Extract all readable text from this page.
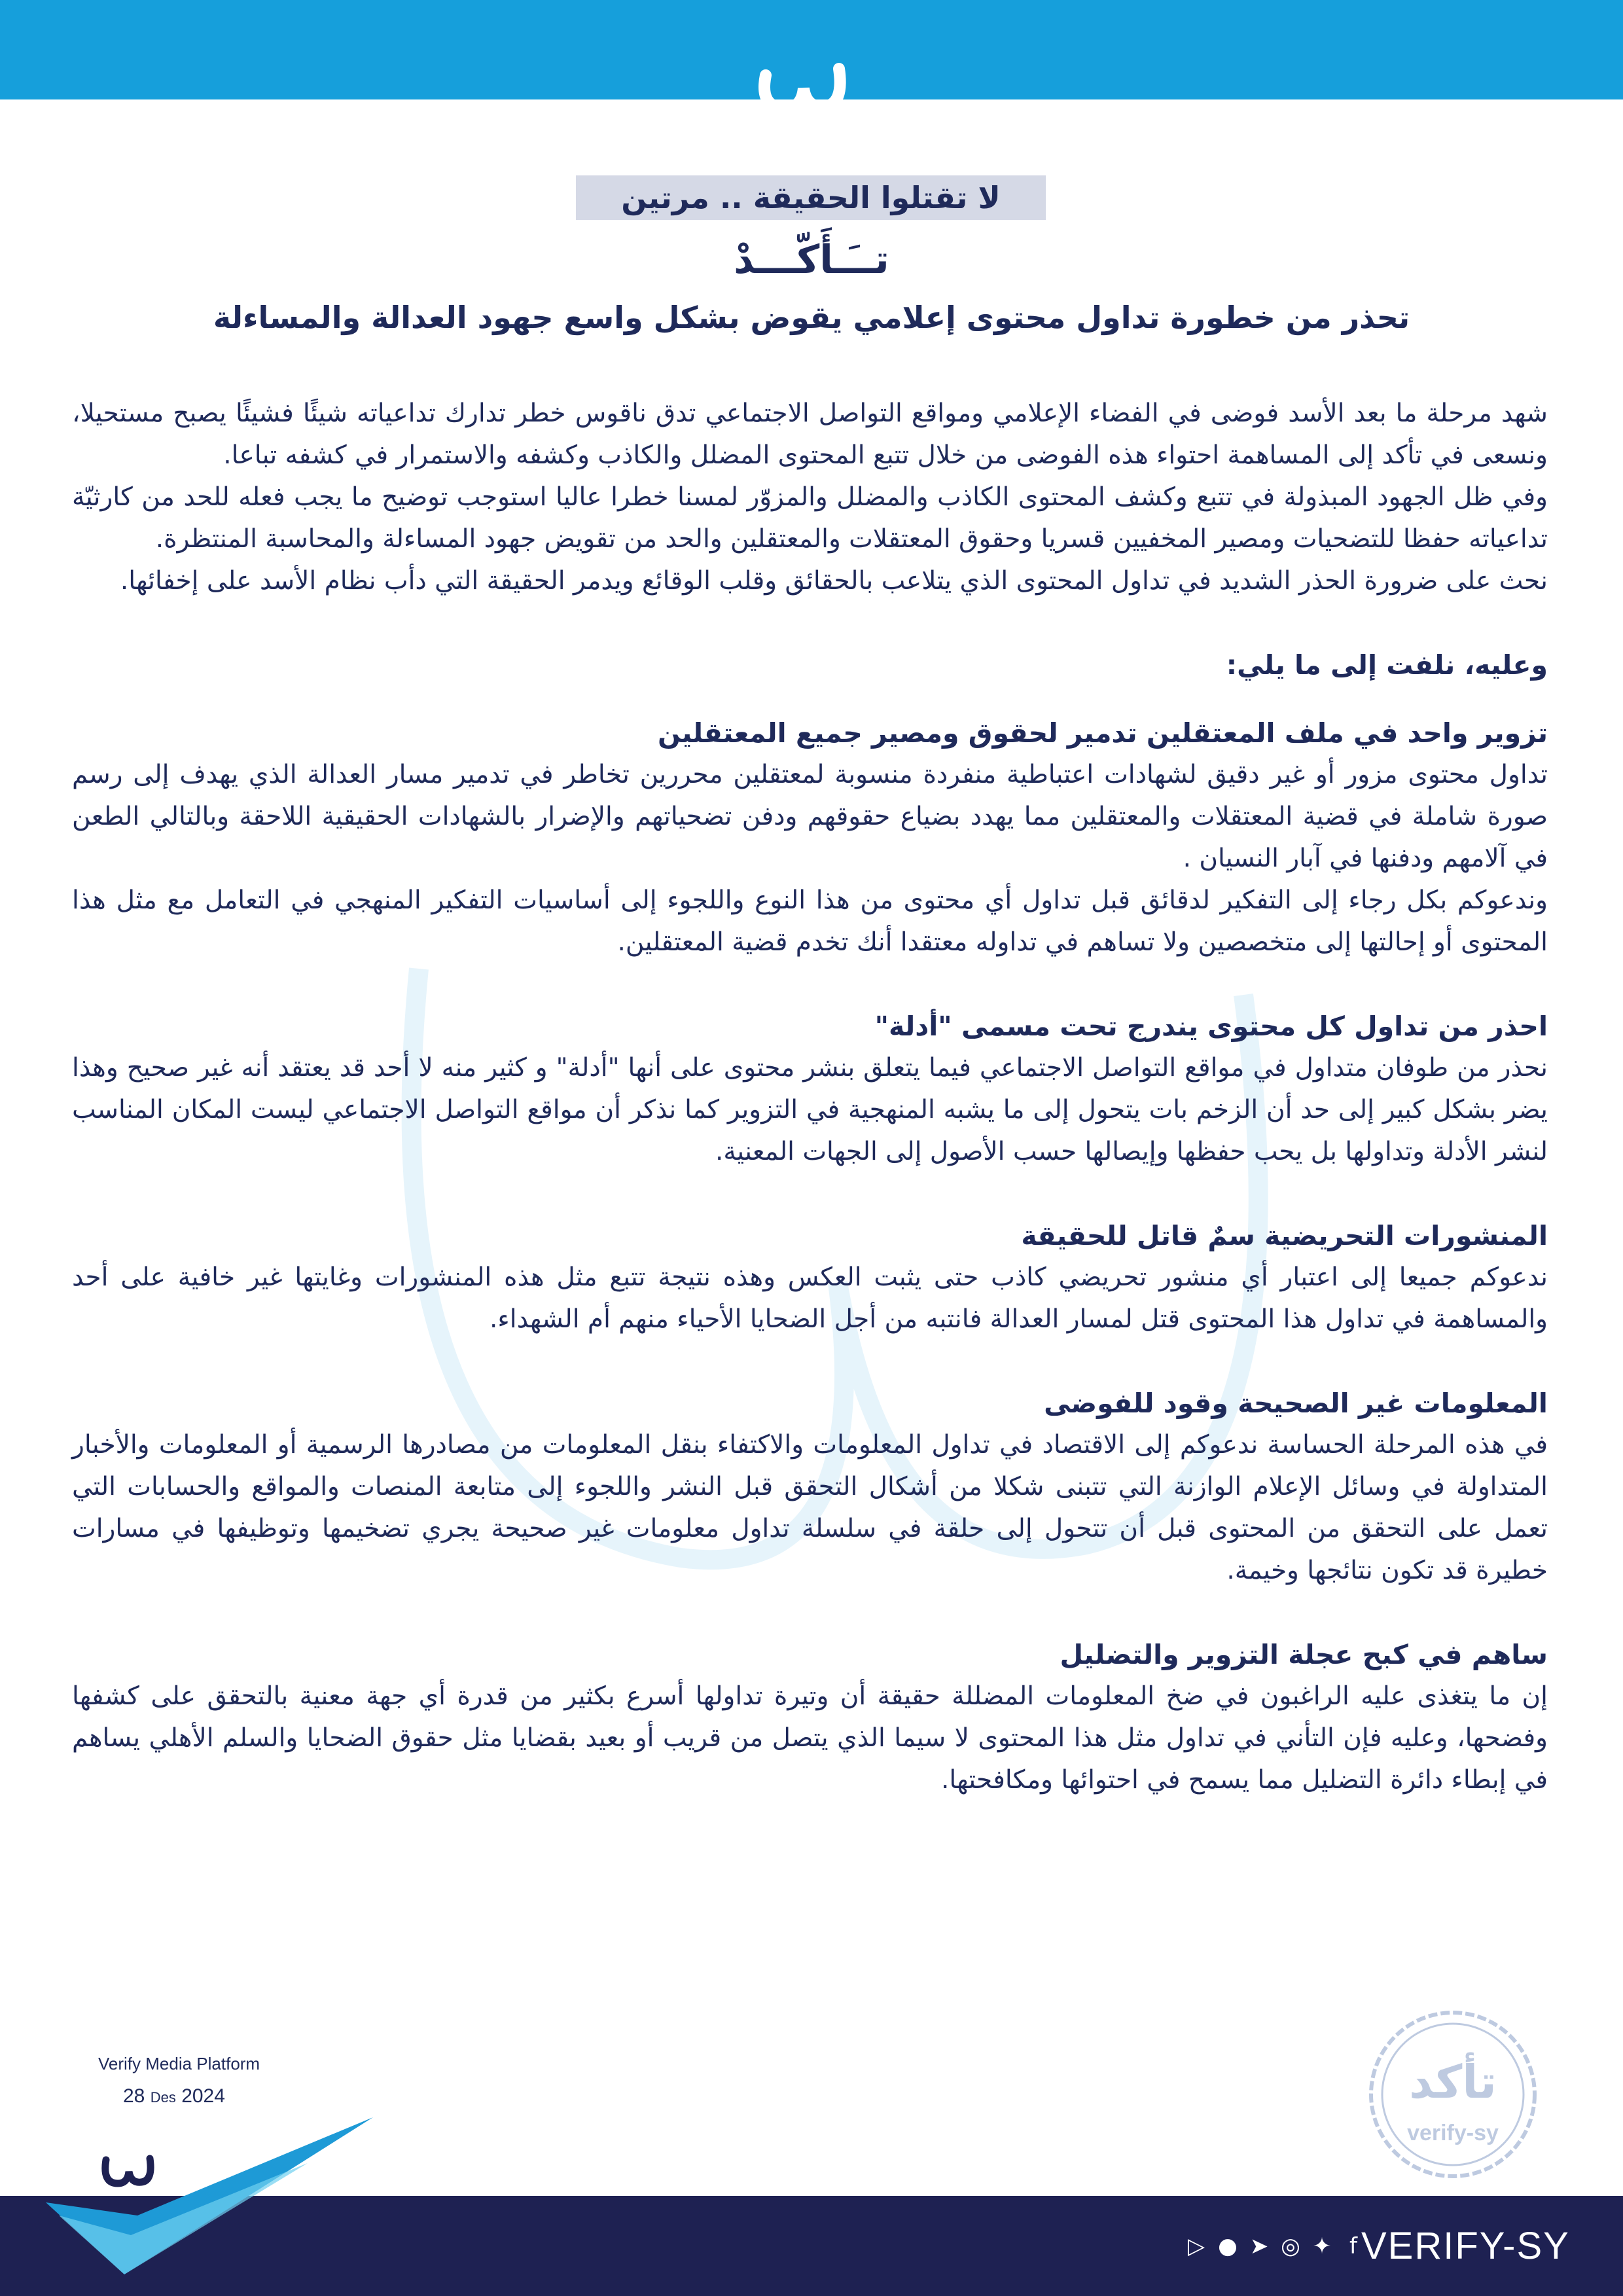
لا تقتلوا الحقيقة .. مرتين
تــَـأَكّـــدْ
تحذر من خطورة تداول محتوى إعلامي يقوض بشكل واسع جهود العدالة والمساءلة

شهد مرحلة ما بعد الأسد فوضى في الفضاء الإعلامي ومواقع التواصل الاجتماعي تدق ناقوس خطر تدارك تداعياته شيئًا فشيئًا يصبح مستحيلا، ونسعى في تأكد إلى المساهمة احتواء هذه الفوضى من خلال تتبع المحتوى المضلل والكاذب وكشفه والاستمرار في كشفه تباعا.

وفي ظل الجهود المبذولة في تتبع وكشف المحتوى الكاذب والمضلل والمزوّر لمسنا خطرا عاليا استوجب توضيح ما يجب فعله للحد من كارثيّة تداعياته حفظا للتضحيات ومصير المخفيين قسريا وحقوق المعتقلات والمعتقلين والحد من تقويض جهود المساءلة والمحاسبة المنتظرة.

نحث على ضرورة الحذر الشديد في تداول المحتوى الذي يتلاعب بالحقائق وقلب الوقائع ويدمر الحقيقة التي دأب نظام الأسد على إخفائها.

وعليه، نلفت إلى ما يلي:
تزوير واحد في ملف المعتقلين تدمير لحقوق ومصير جميع المعتقلين

تداول محتوى مزور أو غير دقيق لشهادات اعتباطية منفردة منسوبة لمعتقلين محررين تخاطر في تدمير مسار العدالة الذي يهدف إلى رسم صورة شاملة في قضية المعتقلات والمعتقلين مما يهدد بضياع حقوقهم ودفن تضحياتهم والإضرار بالشهادات الحقيقية اللاحقة وبالتالي الطعن في آلامهم ودفنها في آبار النسيان .

وندعوكم بكل رجاء إلى التفكير لدقائق قبل تداول أي محتوى من هذا النوع واللجوء إلى أساسيات التفكير المنهجي في التعامل مع مثل هذا المحتوى أو إحالتها إلى متخصصين ولا تساهم في تداوله معتقدا أنك تخدم قضية المعتقلين.

احذر من تداول كل محتوى يندرج تحت مسمى "أدلة"

نحذر من طوفان متداول في مواقع التواصل الاجتماعي فيما يتعلق بنشر محتوى على أنها "أدلة" و كثير منه لا أحد قد يعتقد أنه غير صحيح وهذا يضر بشكل كبير إلى حد أن الزخم بات يتحول إلى ما يشبه المنهجية في التزوير كما نذكر أن مواقع التواصل الاجتماعي ليست المكان المناسب لنشر الأدلة وتداولها بل يحب حفظها وإيصالها حسب الأصول إلى الجهات المعنية.

المنشورات التحريضية سمٌ قاتل للحقيقة

ندعوكم جميعا إلى اعتبار أي منشور تحريضي كاذب حتى يثبت العكس وهذه نتيجة تتبع مثل هذه المنشورات وغايتها غير خافية على أحد والمساهمة في تداول هذا المحتوى قتل لمسار العدالة فانتبه من أجل الضحايا الأحياء منهم أم الشهداء.

المعلومات غير الصحيحة وقود للفوضى

في هذه المرحلة الحساسة ندعوكم إلى الاقتصاد في تداول المعلومات والاكتفاء بنقل المعلومات من مصادرها الرسمية أو المعلومات والأخبار المتداولة في وسائل الإعلام الوازنة التي تتبنى شكلا من أشكال التحقق قبل النشر واللجوء إلى متابعة المنصات والمواقع والحسابات التي تعمل على التحقق من المحتوى قبل أن تتحول إلى حلقة في سلسلة تداول معلومات غير صحيحة يجري تضخيمها وتوظيفها في مسارات خطيرة قد تكون نتائجها وخيمة.

ساهم في كبح عجلة التزوير والتضليل

إن ما يتغذى عليه الراغبون في ضخ المعلومات المضللة حقيقة أن وتيرة تداولها أسرع بكثير من قدرة أي جهة معنية بالتحقق على كشفها وفضحها، وعليه فإن التأني في تداول مثل هذا المحتوى لا سيما الذي يتصل من قريب أو بعيد بقضايا مثل حقوق الضحايا والسلم الأهلي يساهم في إبطاء دائرة التضليل مما يسمح في احتوائها ومكافحتها.

Verify Media Platform
28 Des 2024	تأكد
verify-sy
▷ ● ➤ ◎ ✦ f VERIFY-SY
